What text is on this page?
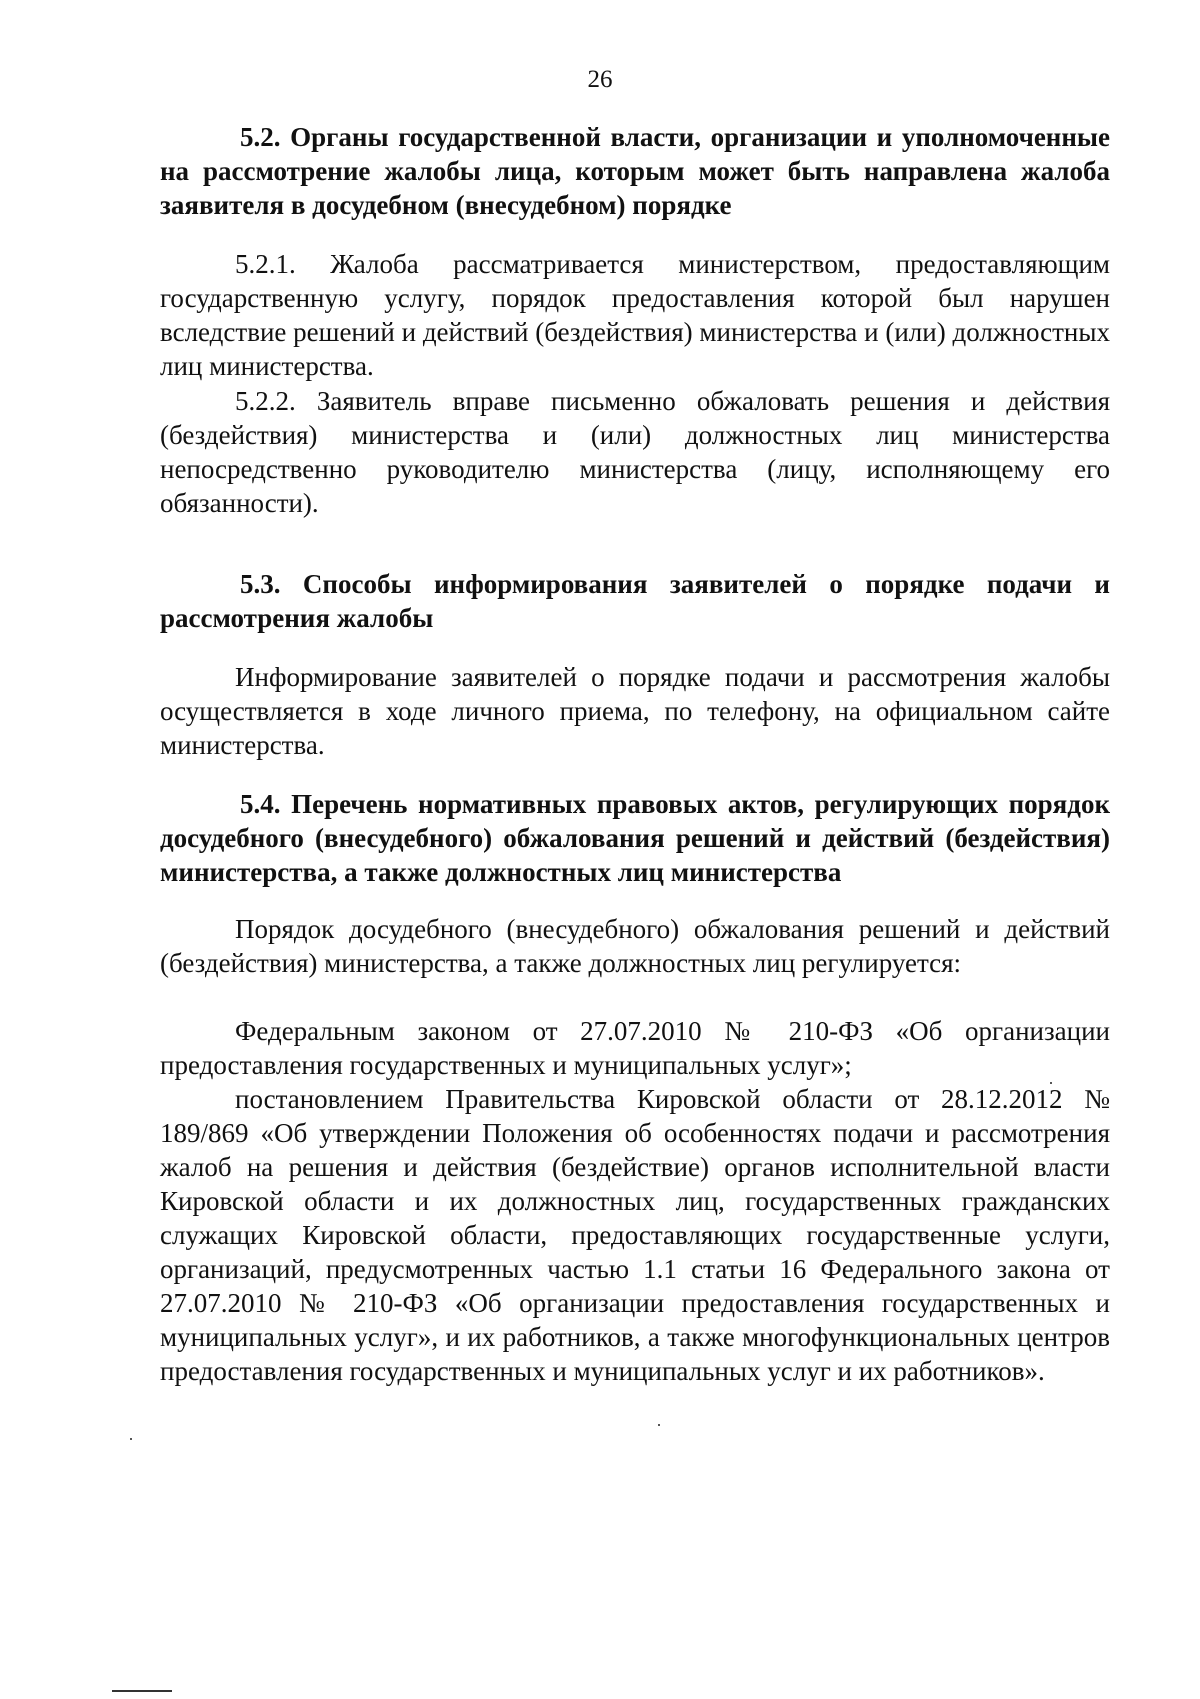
26
5.2. Органы государственной власти, организации и уполномоченные на рассмотрение жалобы лица, которым может быть направлена жалоба заявителя в досудебном (внесудебном) порядке
5.2.1. Жалоба рассматривается министерством, предоставляющим государственную услугу, порядок предоставления которой был нарушен вследствие решений и действий (бездействия) министерства и (или) должностных лиц министерства.
5.2.2. Заявитель вправе письменно обжаловать решения и действия (бездействия) министерства и (или) должностных лиц министерства непосредственно руководителю министерства (лицу, исполняющему его обязанности).
5.3. Способы информирования заявителей о порядке подачи и рассмотрения жалобы
Информирование заявителей о порядке подачи и рассмотрения жалобы осуществляется в ходе личного приема, по телефону, на официальном сайте министерства.
5.4. Перечень нормативных правовых актов, регулирующих порядок досудебного (внесудебного) обжалования решений и действий (бездействия) министерства, а также должностных лиц министерства
Порядок досудебного (внесудебного) обжалования решений и действий (бездействия) министерства, а также должностных лиц регулируется:
Федеральным законом от 27.07.2010 № 210-ФЗ «Об организации предоставления государственных и муниципальных услуг»;
постановлением Правительства Кировской области от 28.12.2012 № 189/869 «Об утверждении Положения об особенностях подачи и рассмотрения жалоб на решения и действия (бездействие) органов исполнительной власти Кировской области и их должностных лиц, государственных гражданских служащих Кировской области, предоставляющих государственные услуги, организаций, предусмотренных частью 1.1 статьи 16 Федерального закона от 27.07.2010 № 210-ФЗ «Об организации предоставления государственных и муниципальных услуг», и их работников, а также многофункциональных центров предоставления государственных и муниципальных услуг и их работников».
